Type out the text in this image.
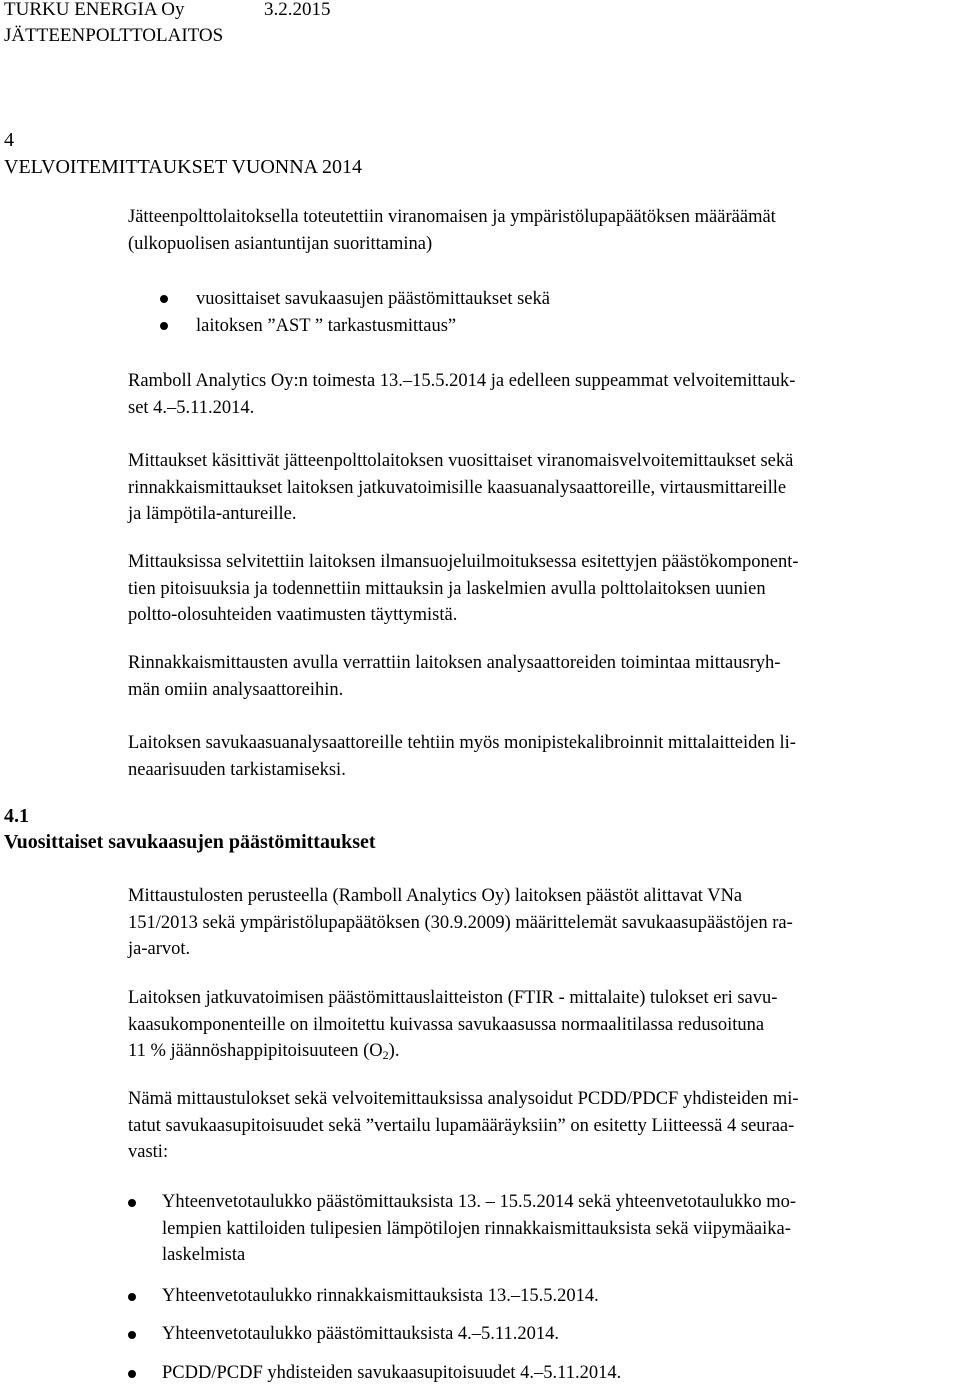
TURKU ENERGIA Oy	3.2.2015
JÄTTEENPOLTTOLAITOS
4
VELVOITEMITTAUKSET VUONNA 2014

Jätteenpolttolaitoksella toteutettiin viranomaisen ja ympäristölupapäätöksen määräämät
(ulkopuolisen asiantuntijan suorittamina)

vuosittaiset savukaasujen päästömittaukset sekä
laitoksen ”AST ” tarkastusmittaus”

Ramboll Analytics Oy:n toimesta 13.–15.5.2014 ja edelleen suppeammat velvoitemittauk-
set 4.–5.11.2014.

Mittaukset käsittivät jätteenpolttolaitoksen vuosittaiset viranomaisvelvoitemittaukset sekä
rinnakkaismittaukset laitoksen jatkuvatoimisille kaasuanalysaattoreille, virtausmittareille
ja lämpötila-antureille.

Mittauksissa selvitettiin laitoksen ilmansuojeluilmoituksessa esitettyjen päästökomponent-
tien pitoisuuksia ja todennettiin mittauksin ja laskelmien avulla polttolaitoksen uunien
poltto-olosuhteiden vaatimusten täyttymistä.

Rinnakkaismittausten avulla verrattiin laitoksen analysaattoreiden toimintaa mittausryh-
män omiin analysaattoreihin.

Laitoksen savukaasuanalysaattoreille tehtiin myös monipistekalibroinnit mittalaitteiden li-
neaarisuuden tarkistamiseksi.

4.1
Vuosittaiset savukaasujen päästömittaukset

Mittaustulosten perusteella (Ramboll Analytics Oy) laitoksen päästöt alittavat VNa
151/2013 sekä ympäristölupapäätöksen (30.9.2009) määrittelemät savukaasupäästöjen ra-
ja-arvot.

Laitoksen jatkuvatoimisen päästömittauslaitteiston (FTIR - mittalaite) tulokset eri savu-
kaasukomponenteille on ilmoitettu kuivassa savukaasussa normaalitilassa redusoituna
11 % jäännöshappipitoisuuteen $(O_2)$.

Nämä mittaustulokset sekä velvoitemittauksissa analysoidut PCDD/PDCF yhdisteiden mi-
tatut savukaasupitoisuudet sekä ”vertailu lupamääräyksiin” on esitetty Liitteessä 4 seuraa-
vasti:

Yhteenvetotaulukko päästömittauksista 13. – 15.5.2014 sekä yhteenvetotaulukko mo-
lempien kattiloiden tulipesien lämpötilojen rinnakkaismittauksista sekä viipymäaika-
laskelmista
Yhteenvetotaulukko rinnakkaismittauksista 13.–15.5.2014.
Yhteenvetotaulukko päästömittauksista 4.–5.11.2014.
PCDD/PCDF yhdisteiden savukaasupitoisuudet 4.–5.11.2014.
